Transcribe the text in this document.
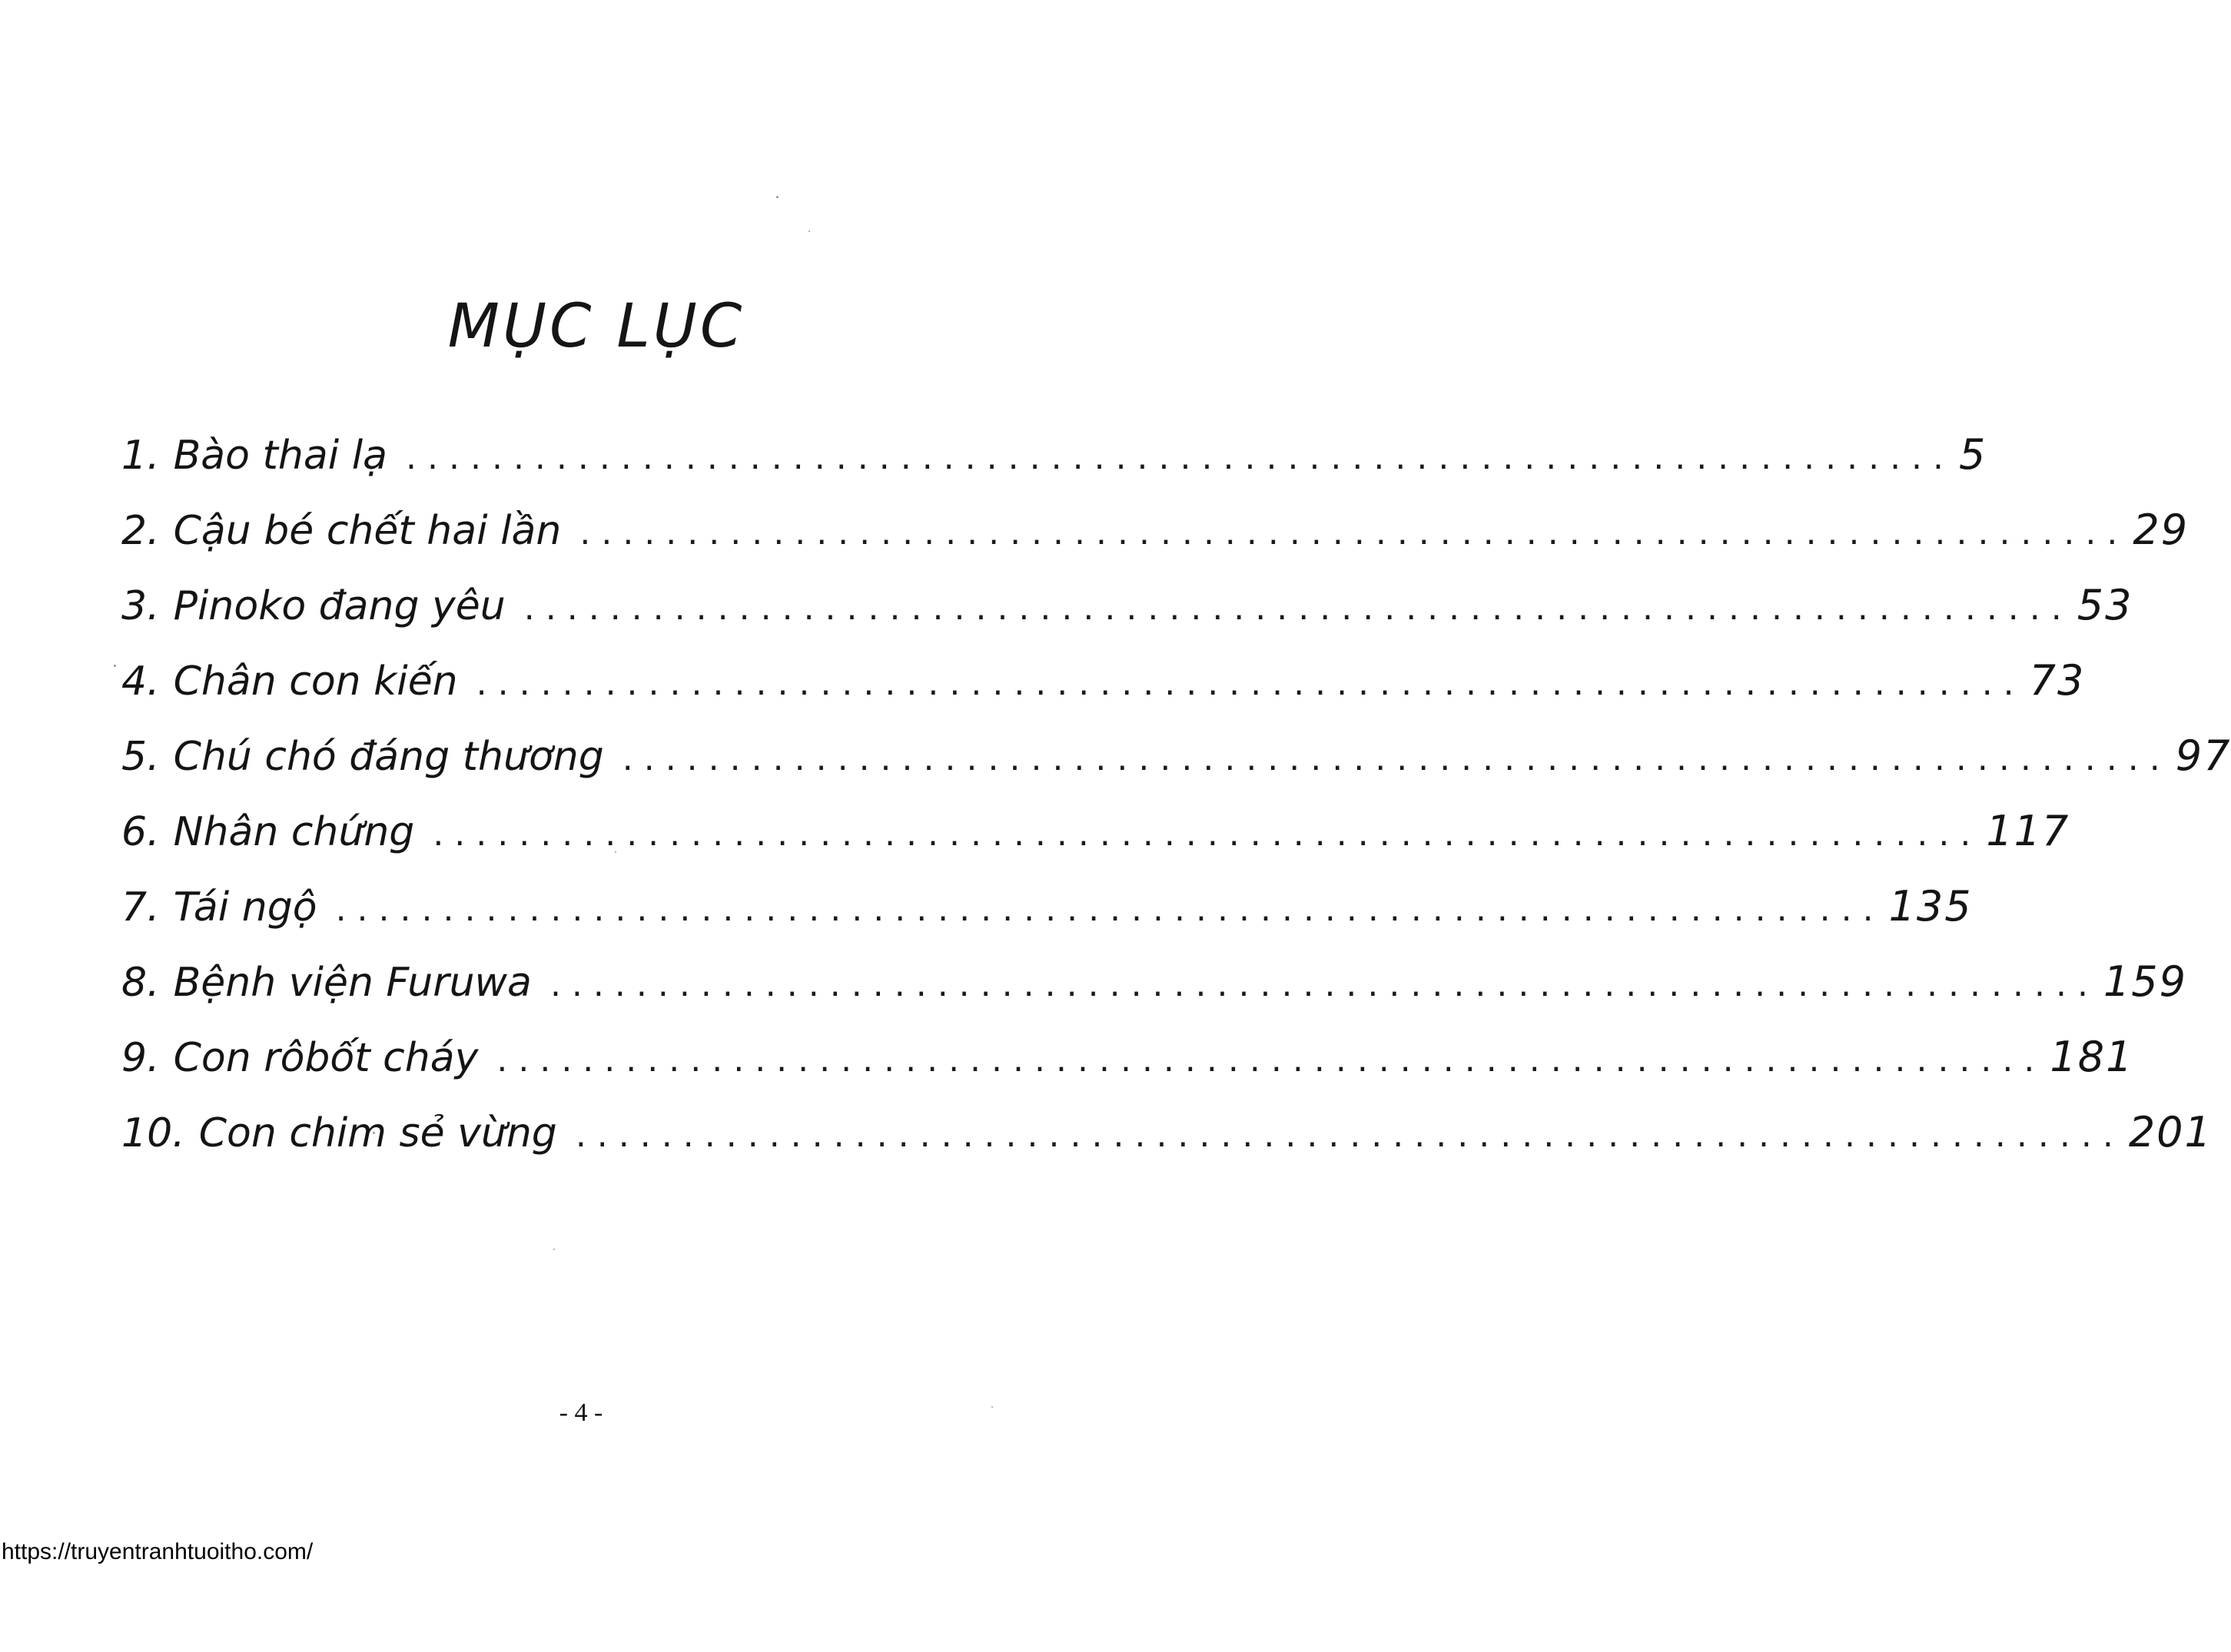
MỤC LỤC
1. Bào thai lạ ........................................................................ 5
2. Cậu bé chết hai lần ........................................................................ 29
3. Pinoko đang yêu ........................................................................ 53
4. Chân con kiến ........................................................................ 73
5. Chú chó đáng thương ........................................................................ 97
6. Nhân chứng ........................................................................ 117
7. Tái ngộ ........................................................................ 135
8. Bệnh viện Furuwa ........................................................................ 159
9. Con rôbốt cháy ........................................................................ 181
10. Con chim sẻ vừng ........................................................................ 201
- 4 -
https://truyentranhtuoitho.com/
